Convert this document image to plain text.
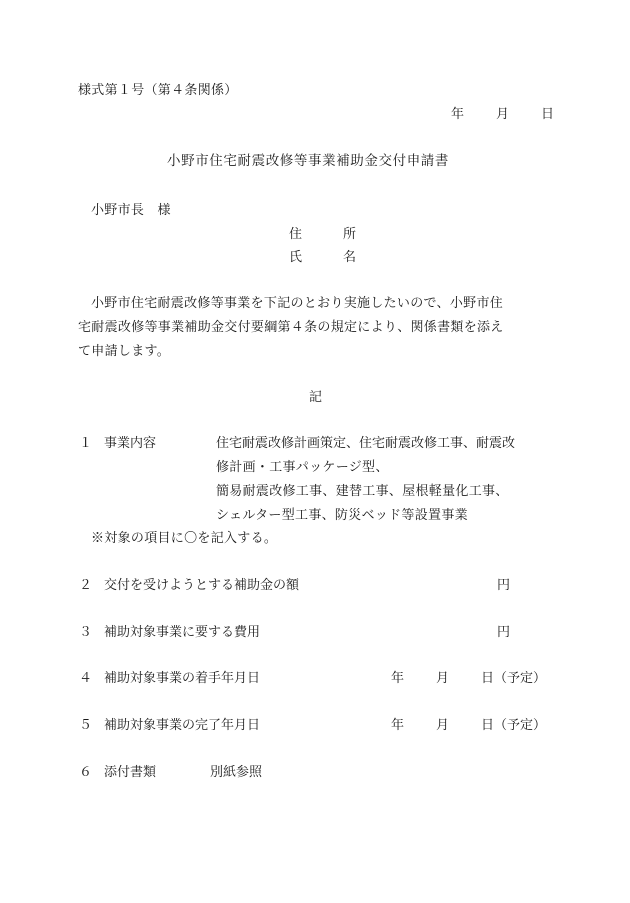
様式第１号（第４条関係）
年 月 日
小野市住宅耐震改修等事業補助金交付申請書
小野市長　様
住	所
氏	名
小野市住宅耐震改修等事業を下記のとおり実施したいので、小野市住
宅耐震改修等事業補助金交付要綱第４条の規定により、関係書類を添え
て申請します。
記
１ 事業内容	住宅耐震改修計画策定、住宅耐震改修工事、耐震改
修計画・工事パッケージ型、
簡易耐震改修工事、建替工事、屋根軽量化工事、
シェルター型工事、防災ベッド等設置事業
※対象の項目に〇を記入する。
２ 交付を受けようとする補助金の額	円
３ 補助対象事業に要する費用	円
４ 補助対象事業の着手年月日	年 月 日（予定）
５ 補助対象事業の完了年月日	年 月 日（予定）
６ 添付書類	別紙参照
